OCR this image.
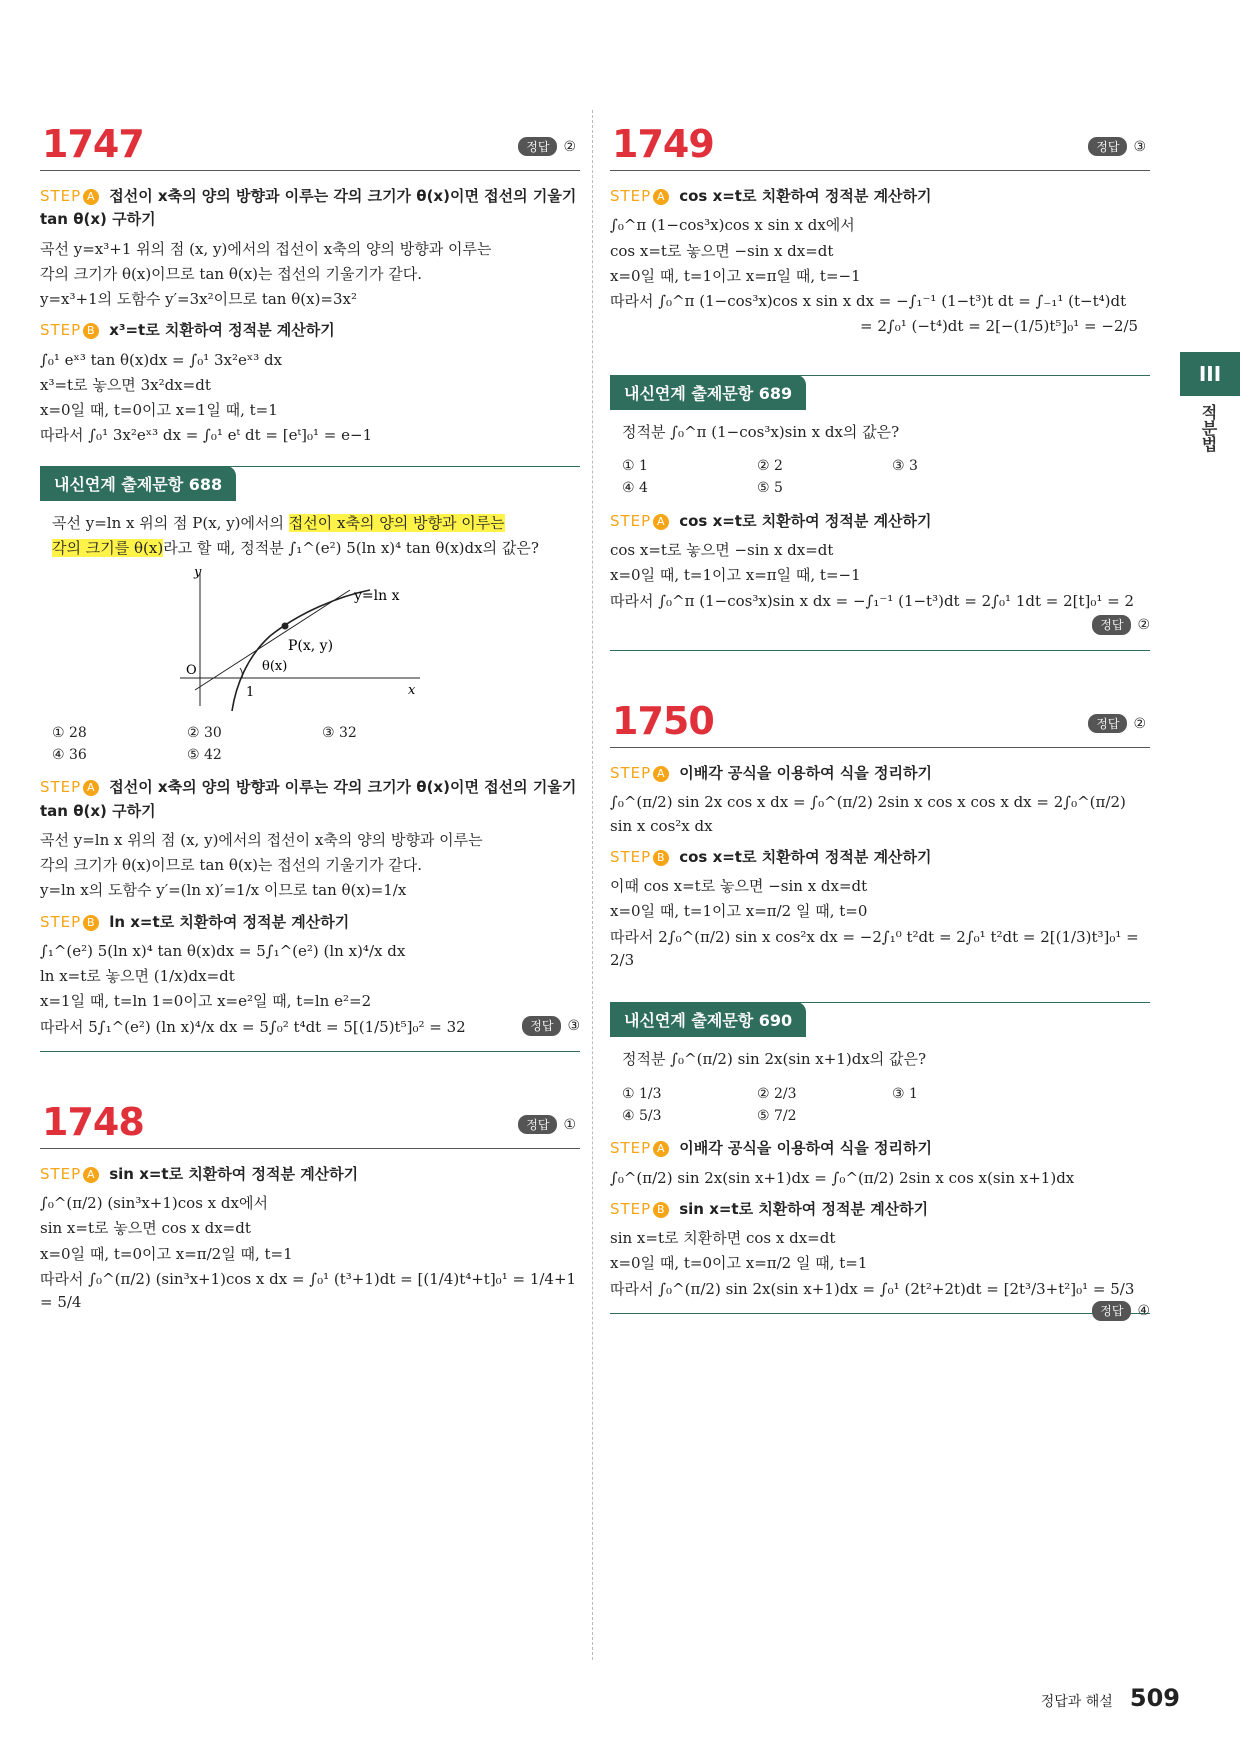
1747	정답 ②
STEP A 접선이 x축의 양의 방향과 이루는 각의 크기가 θ(x)이면 접선의 기울기 tan θ(x) 구하기
곡선 y=x³+1 위의 점 (x, y)에서의 접선이 x축의 양의 방향과 이루는
각의 크기가 θ(x)이므로 tan θ(x)는 접선의 기울기가 같다.
y=x³+1의 도함수 y′=3x²이므로 tan θ(x)=3x²
STEP B x³=t로 치환하여 정적분 계산하기
∫₀¹ eˣ³ tan θ(x)dx = ∫₀¹ 3x²eˣ³ dx
x³=t로 놓으면 3x²dx=dt
x=0일 때, t=0이고 x=1일 때, t=1
따라서 ∫₀¹ 3x²eˣ³ dx = ∫₀¹ eᵗ dt = [eᵗ]₀¹ = e−1
내신연계 출제문항 688
곡선 y=ln x 위의 점 P(x, y)에서의 접선이 x축의 양의 방향과 이루는
각의 크기를 θ(x)라고 할 때, 정적분 ∫₁^(e²) 5(ln x)⁴ tan θ(x)dx의 값은?
y
x
O
1
y=ln x
P(x, y)
θ(x)
① 28	② 30	③ 32
④ 36	⑤ 42
STEP A 접선이 x축의 양의 방향과 이루는 각의 크기가 θ(x)이면 접선의 기울기 tan θ(x) 구하기
곡선 y=ln x 위의 점 (x, y)에서의 접선이 x축의 양의 방향과 이루는
각의 크기가 θ(x)이므로 tan θ(x)는 접선의 기울기가 같다.
y=ln x의 도함수 y′=(ln x)′=1/x 이므로 tan θ(x)=1/x
STEP B ln x=t로 치환하여 정적분 계산하기
∫₁^(e²) 5(ln x)⁴ tan θ(x)dx = 5∫₁^(e²) (ln x)⁴/x dx
ln x=t로 놓으면 (1/x)dx=dt
x=1일 때, t=ln 1=0이고 x=e²일 때, t=ln e²=2
따라서 5∫₁^(e²) (ln x)⁴/x dx = 5∫₀² t⁴dt = 5[(1/5)t⁵]₀² = 32	정답 ③
1748	정답 ①
STEP A sin x=t로 치환하여 정적분 계산하기
∫₀^(π/2) (sin³x+1)cos x dx에서
sin x=t로 놓으면 cos x dx=dt
x=0일 때, t=0이고 x=π/2일 때, t=1
따라서 ∫₀^(π/2) (sin³x+1)cos x dx = ∫₀¹ (t³+1)dt = [(1/4)t⁴+t]₀¹ = 1/4+1 = 5/4
1749	정답 ③
STEP A cos x=t로 치환하여 정적분 계산하기
∫₀^π (1−cos³x)cos x sin x dx에서
cos x=t로 놓으면 −sin x dx=dt
x=0일 때, t=1이고 x=π일 때, t=−1
따라서 ∫₀^π (1−cos³x)cos x sin x dx = −∫₁⁻¹ (1−t³)t dt = ∫₋₁¹ (t−t⁴)dt
= 2∫₀¹ (−t⁴)dt = 2[−(1/5)t⁵]₀¹ = −2/5
내신연계 출제문항 689
정적분 ∫₀^π (1−cos³x)sin x dx의 값은?
① 1	② 2	③ 3
④ 4	⑤ 5
STEP A cos x=t로 치환하여 정적분 계산하기
cos x=t로 놓으면 −sin x dx=dt
x=0일 때, t=1이고 x=π일 때, t=−1
따라서 ∫₀^π (1−cos³x)sin x dx = −∫₁⁻¹ (1−t³)dt = 2∫₀¹ 1dt = 2[t]₀¹ = 2
정답 ②

1750	정답 ②
STEP A 이배각 공식을 이용하여 식을 정리하기
∫₀^(π/2) sin 2x cos x dx = ∫₀^(π/2) 2sin x cos x cos x dx = 2∫₀^(π/2) sin x cos²x dx
STEP B cos x=t로 치환하여 정적분 계산하기
이때 cos x=t로 놓으면 −sin x dx=dt
x=0일 때, t=1이고 x=π/2 일 때, t=0
따라서 2∫₀^(π/2) sin x cos²x dx = −2∫₁⁰ t²dt = 2∫₀¹ t²dt = 2[(1/3)t³]₀¹ = 2/3
내신연계 출제문항 690
정적분 ∫₀^(π/2) sin 2x(sin x+1)dx의 값은?
① 1/3	② 2/3	③ 1
④ 5/3	⑤ 7/2
STEP A 이배각 공식을 이용하여 식을 정리하기
∫₀^(π/2) sin 2x(sin x+1)dx = ∫₀^(π/2) 2sin x cos x(sin x+1)dx
STEP B sin x=t로 치환하여 정적분 계산하기
sin x=t로 치환하면 cos x dx=dt
x=0일 때, t=0이고 x=π/2 일 때, t=1
따라서 ∫₀^(π/2) sin 2x(sin x+1)dx = ∫₀¹ (2t²+2t)dt = [2t³/3+t²]₀¹ = 5/3
정답 ④
III
적분법
정답과 해설 509
